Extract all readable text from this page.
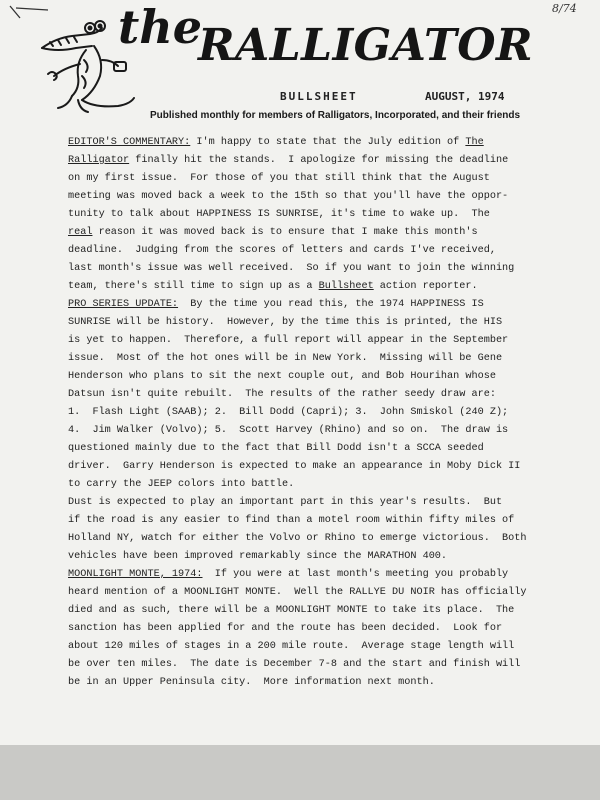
8/74
the
RALLIGATOR
BULLSHEET	AUGUST, 1974
Published monthly for members of Ralligators, Incorporated, and their friends

EDITOR'S COMMENTARY: I'm happy to state that the July edition of The
Ralligator finally hit the stands.  I apologize for missing the deadline
on my first issue.  For those of you that still think that the August
meeting was moved back a week to the 15th so that you'll have the oppor-
tunity to talk about HAPPINESS IS SUNRISE, it's time to wake up.  The
real reason it was moved back is to ensure that I make this month's
deadline.  Judging from the scores of letters and cards I've received,
last month's issue was well received.  So if you want to join the winning
team, there's still time to sign up as a Bullsheet action reporter.

PRO SERIES UPDATE:  By the time you read this, the 1974 HAPPINESS IS
SUNRISE will be history.  However, by the time this is printed, the HIS
is yet to happen.  Therefore, a full report will appear in the September
issue.  Most of the hot ones will be in New York.  Missing will be Gene
Henderson who plans to sit the next couple out, and Bob Hourihan whose
Datsun isn't quite rebuilt.  The results of the rather seedy draw are:
1.  Flash Light (SAAB); 2.  Bill Dodd (Capri); 3.  John Smiskol (240 Z);
4.  Jim Walker (Volvo); 5.  Scott Harvey (Rhino) and so on.  The draw is
questioned mainly due to the fact that Bill Dodd isn't a SCCA seeded
driver.  Garry Henderson is expected to make an appearance in Moby Dick II
to carry the JEEP colors into battle.
Dust is expected to play an important part in this year's results.  But
if the road is any easier to find than a motel room within fifty miles of
Holland NY, watch for either the Volvo or Rhino to emerge victorious.  Both
vehicles have been improved remarkably since the MARATHON 400.

MOONLIGHT MONTE, 1974:  If you were at last month's meeting you probably
heard mention of a MOONLIGHT MONTE.  Well the RALLYE DU NOIR has officially
died and as such, there will be a MOONLIGHT MONTE to take its place.  The
sanction has been applied for and the route has been decided.  Look for
about 120 miles of stages in a 200 mile route.  Average stage length will
be over ten miles.  The date is December 7-8 and the start and finish will
be in an Upper Peninsula city.  More information next month.
